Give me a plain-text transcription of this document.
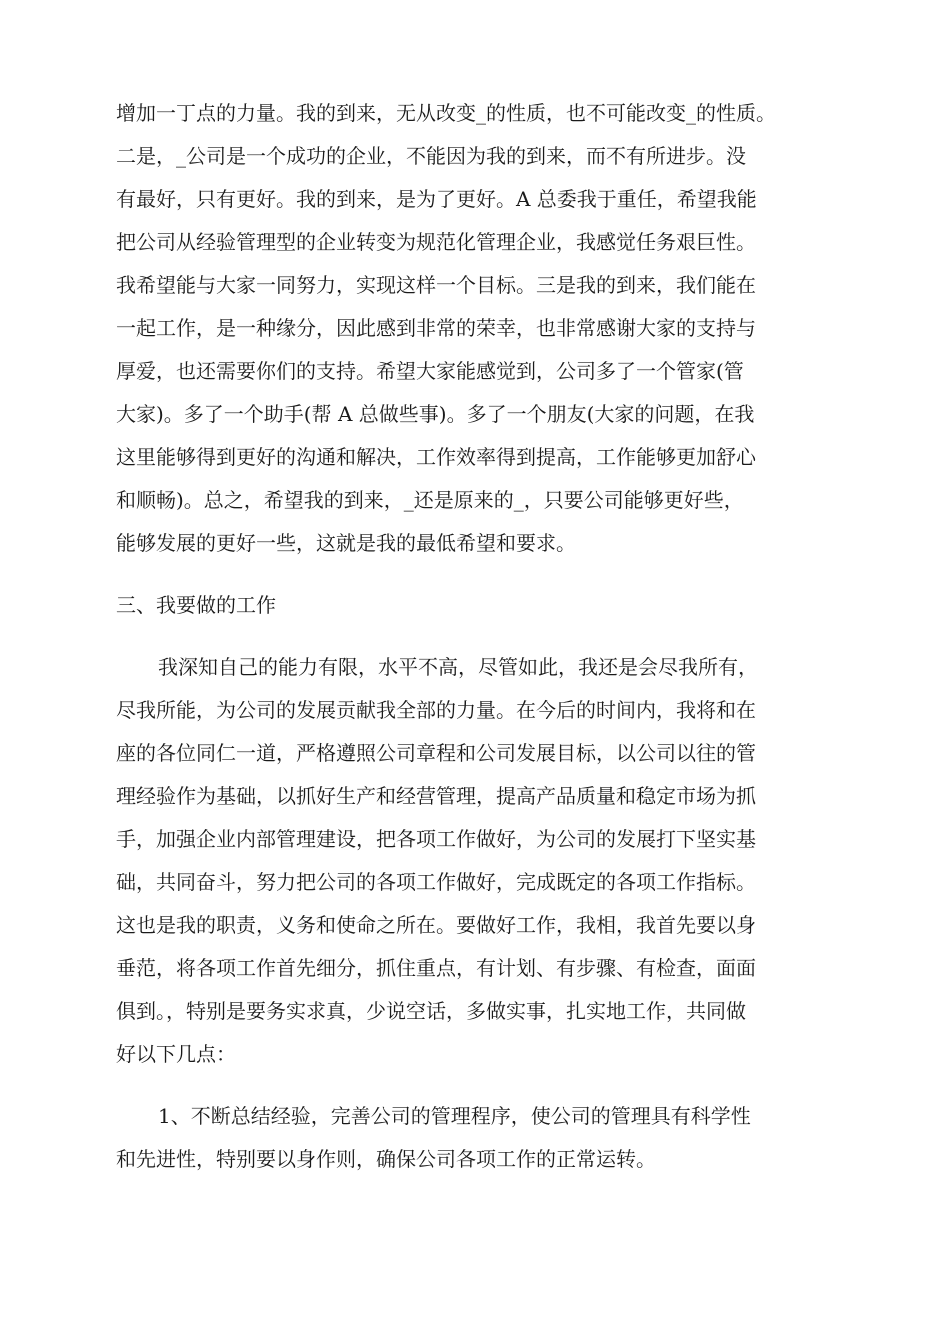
增加一丁点的力量。我的到来，无从改变_的性质，也不可能改变_的性质。
二是，_公司是一个成功的企业，不能因为我的到来，而不有所进步。没
有最好，只有更好。我的到来，是为了更好。A 总委我于重任，希望我能
把公司从经验管理型的企业转变为规范化管理企业，我感觉任务艰巨性。
我希望能与大家一同努力，实现这样一个目标。三是我的到来，我们能在
一起工作，是一种缘分，因此感到非常的荣幸，也非常感谢大家的支持与
厚爱，也还需要你们的支持。希望大家能感觉到，公司多了一个管家(管
大家)。多了一个助手(帮 A 总做些事)。多了一个朋友(大家的问题，在我
这里能够得到更好的沟通和解决，工作效率得到提高，工作能够更加舒心
和顺畅)。总之，希望我的到来，_还是原来的_，只要公司能够更好些，
能够发展的更好一些，这就是我的最低希望和要求。
三、我要做的工作
我深知自己的能力有限，水平不高，尽管如此，我还是会尽我所有，
尽我所能，为公司的发展贡献我全部的力量。在今后的时间内，我将和在
座的各位同仁一道，严格遵照公司章程和公司发展目标，以公司以往的管
理经验作为基础，以抓好生产和经营管理，提高产品质量和稳定市场为抓
手，加强企业内部管理建设，把各项工作做好，为公司的发展打下坚实基
础，共同奋斗，努力把公司的各项工作做好，完成既定的各项工作指标。
这也是我的职责，义务和使命之所在。要做好工作，我相，我首先要以身
垂范，将各项工作首先细分，抓住重点，有计划、有步骤、有检查，面面
俱到。，特别是要务实求真，少说空话，多做实事，扎实地工作，共同做
好以下几点：
1、不断总结经验，完善公司的管理程序，使公司的管理具有科学性
和先进性，特别要以身作则，确保公司各项工作的正常运转。
